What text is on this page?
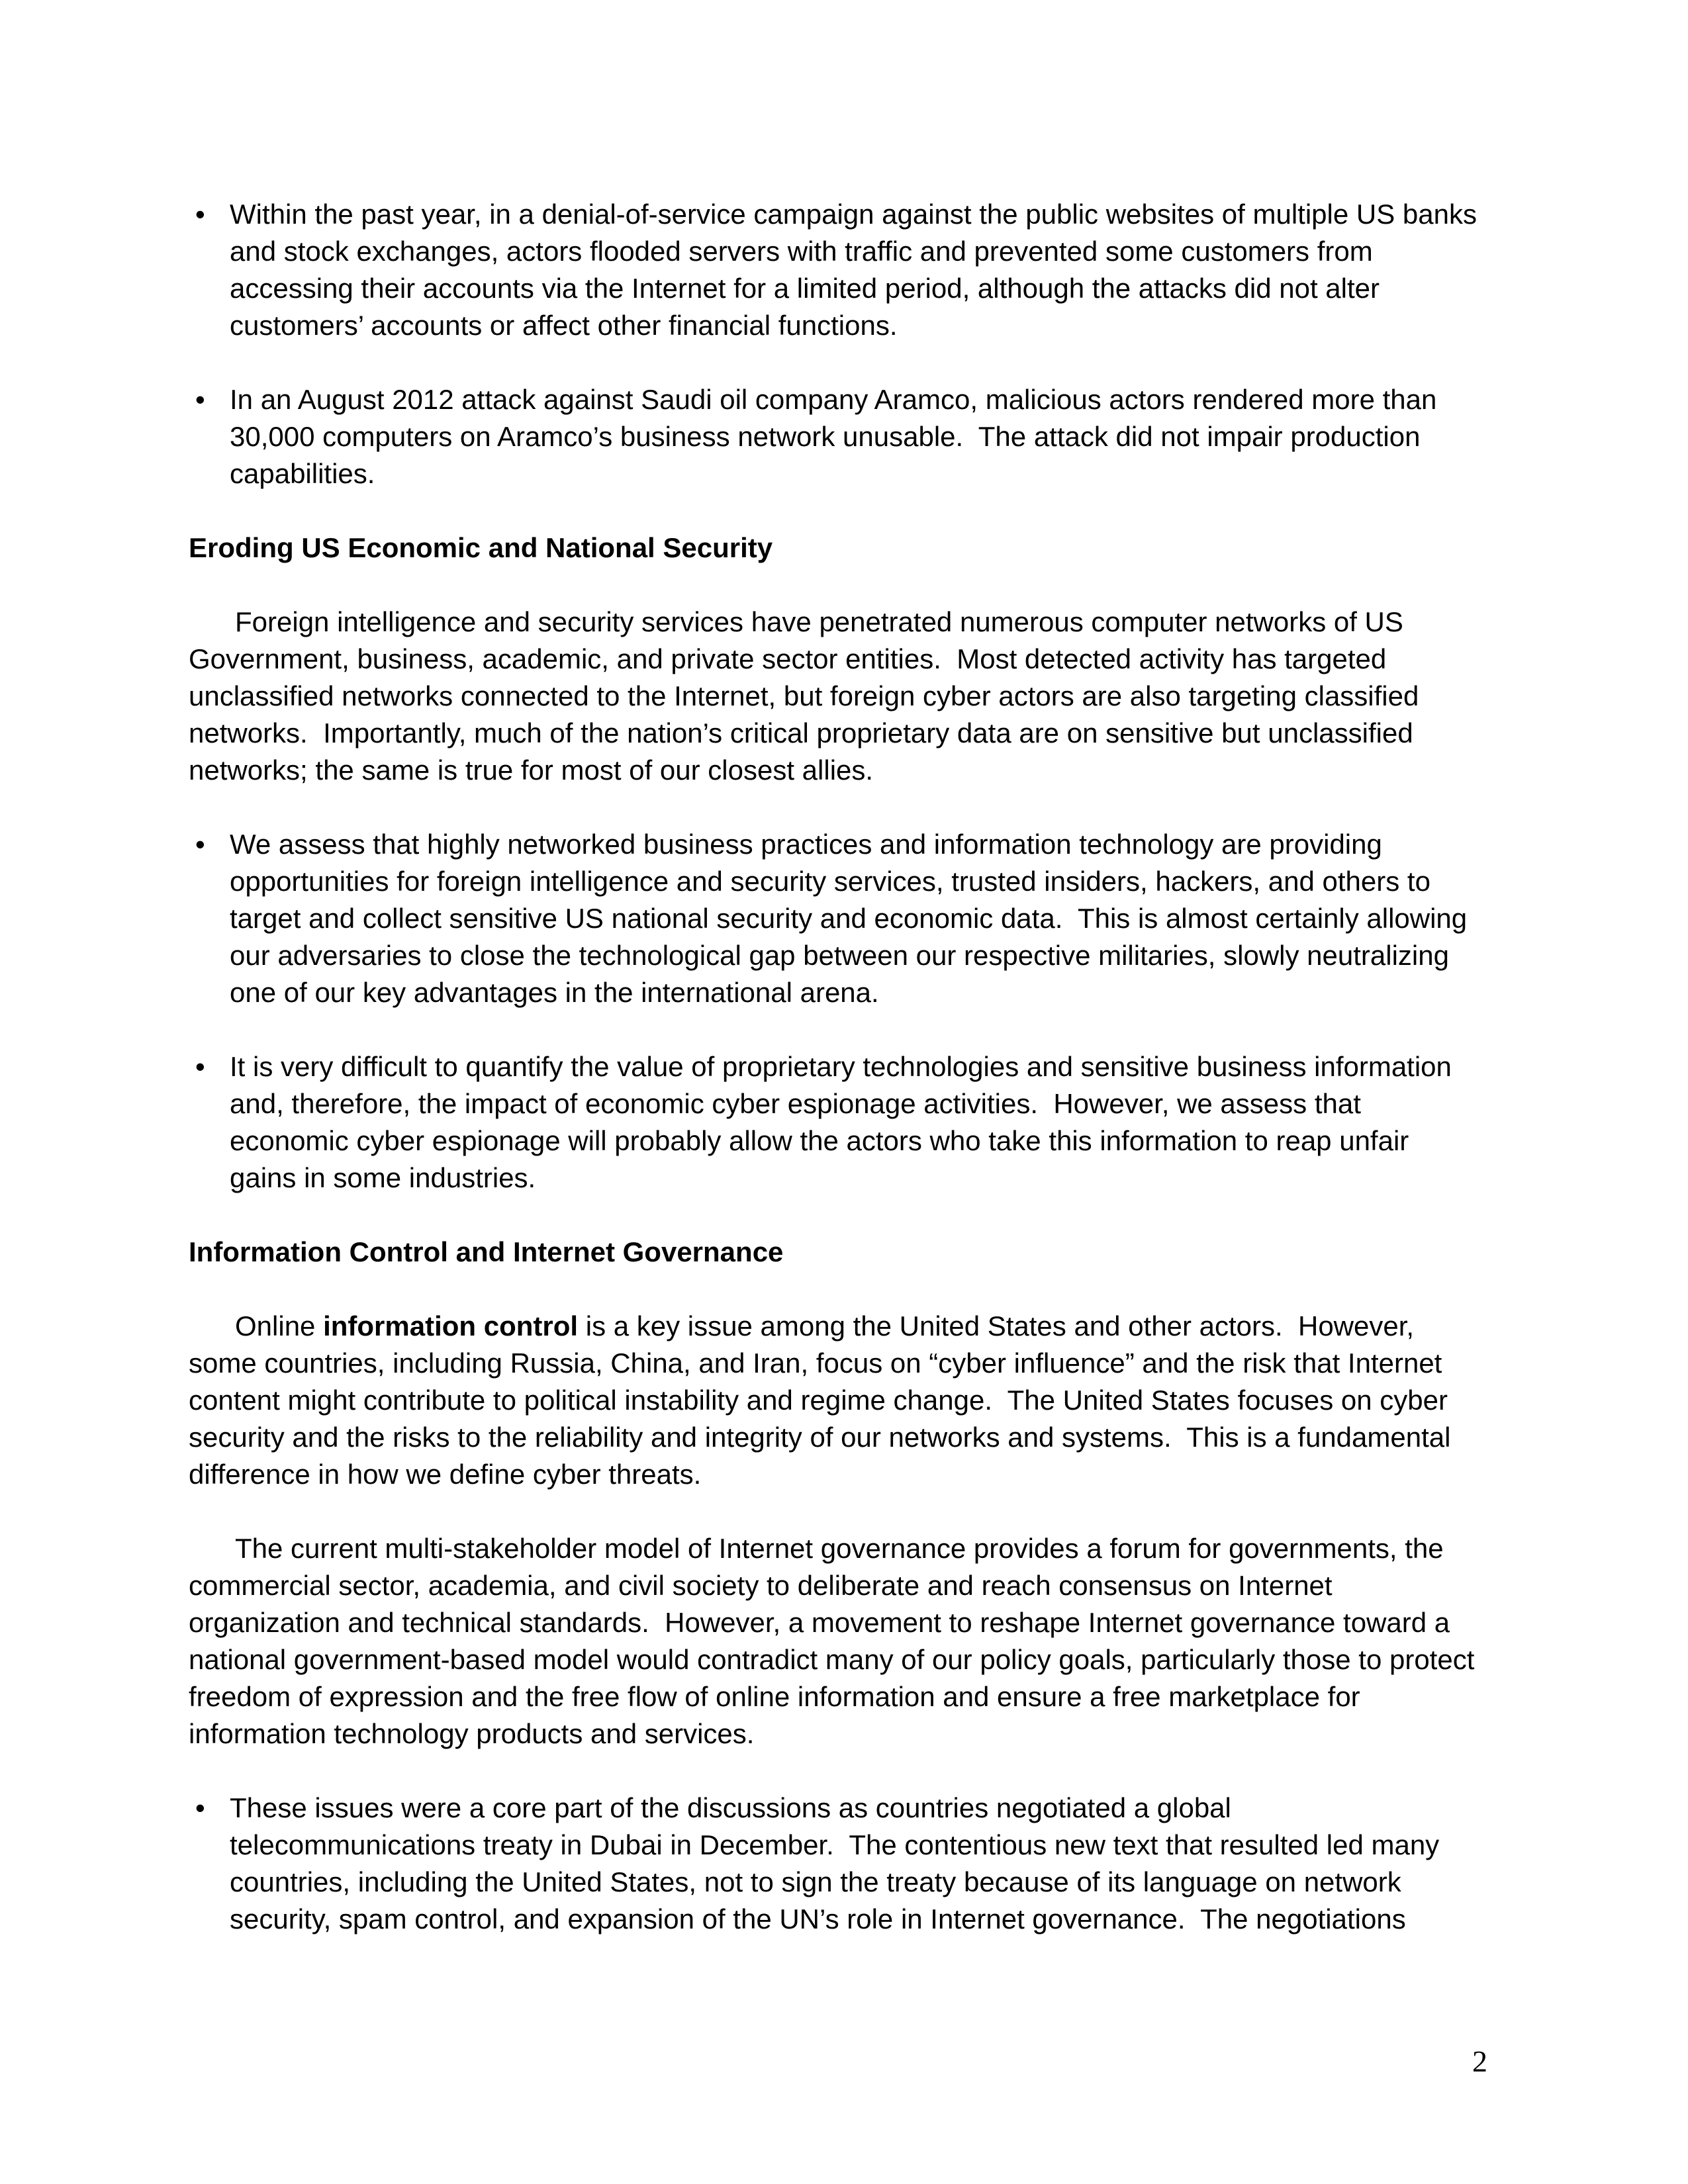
• Within the past year, in a denial-of-service campaign against the public websites of multiple US banks
and stock exchanges, actors flooded servers with traffic and prevented some customers from
accessing their accounts via the Internet for a limited period, although the attacks did not alter
customers’ accounts or affect other financial functions.
• In an August 2012 attack against Saudi oil company Aramco, malicious actors rendered more than
30,000 computers on Aramco’s business network unusable.  The attack did not impair production
capabilities.
Eroding US Economic and National Security
Foreign intelligence and security services have penetrated numerous computer networks of US
Government, business, academic, and private sector entities.  Most detected activity has targeted
unclassified networks connected to the Internet, but foreign cyber actors are also targeting classified
networks.  Importantly, much of the nation’s critical proprietary data are on sensitive but unclassified
networks; the same is true for most of our closest allies.
• We assess that highly networked business practices and information technology are providing
opportunities for foreign intelligence and security services, trusted insiders, hackers, and others to
target and collect sensitive US national security and economic data.  This is almost certainly allowing
our adversaries to close the technological gap between our respective militaries, slowly neutralizing
one of our key advantages in the international arena.
• It is very difficult to quantify the value of proprietary technologies and sensitive business information
and, therefore, the impact of economic cyber espionage activities.  However, we assess that
economic cyber espionage will probably allow the actors who take this information to reap unfair
gains in some industries.
Information Control and Internet Governance
Online information control is a key issue among the United States and other actors.  However,
some countries, including Russia, China, and Iran, focus on “cyber influence” and the risk that Internet
content might contribute to political instability and regime change.  The United States focuses on cyber
security and the risks to the reliability and integrity of our networks and systems.  This is a fundamental
difference in how we define cyber threats.
The current multi-stakeholder model of Internet governance provides a forum for governments, the
commercial sector, academia, and civil society to deliberate and reach consensus on Internet
organization and technical standards.  However, a movement to reshape Internet governance toward a
national government-based model would contradict many of our policy goals, particularly those to protect
freedom of expression and the free flow of online information and ensure a free marketplace for
information technology products and services.
• These issues were a core part of the discussions as countries negotiated a global
telecommunications treaty in Dubai in December.  The contentious new text that resulted led many
countries, including the United States, not to sign the treaty because of its language on network
security, spam control, and expansion of the UN’s role in Internet governance.  The negotiations
2
